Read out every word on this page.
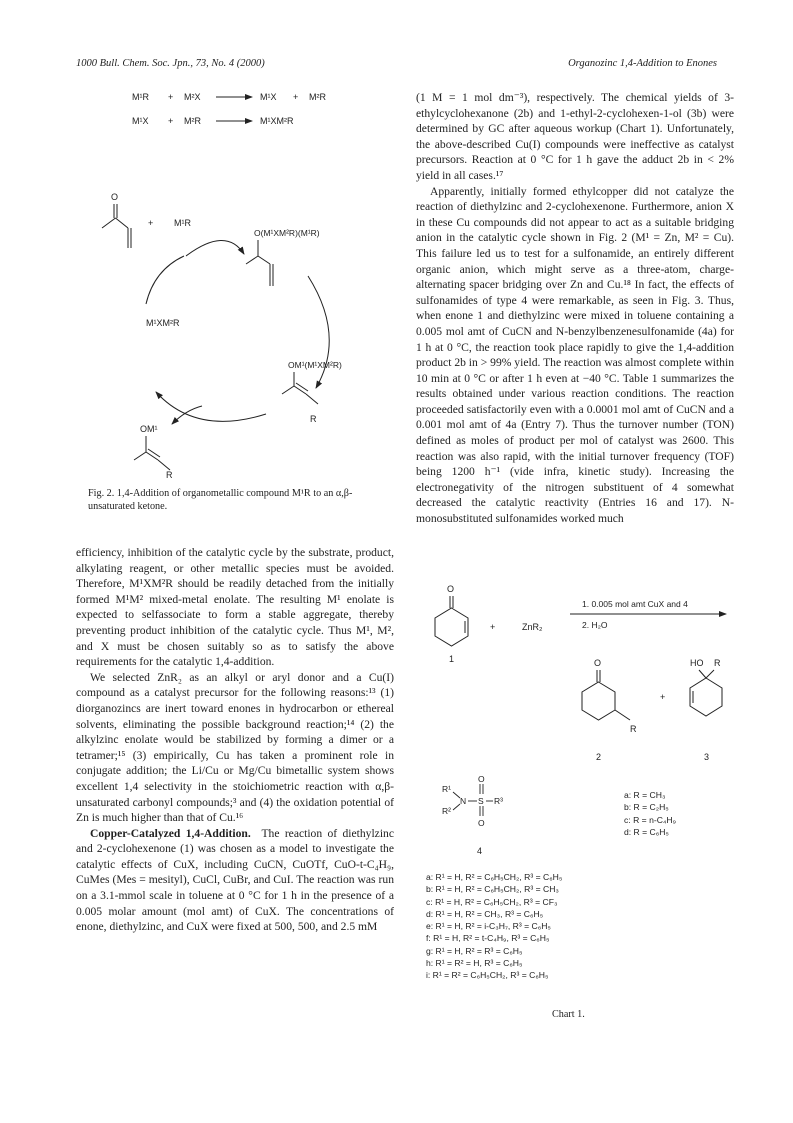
1000 Bull. Chem. Soc. Jpn., 73, No. 4 (2000)	Organozinc 1,4-Addition to Enones
M¹R + M²X	M¹X + M²R
M¹X + M²R	M¹XM²R
O
+ M¹R
O(M¹XM²R)(M¹R)
M¹XM²R
OM¹(M¹XM²R)
R
OM¹
R
Fig. 2. 1,4-Addition of organometallic compound M¹R to an α,β-unsaturated ketone.

efficiency, inhibition of the catalytic cycle by the substrate, product, alkylating reagent, or other metallic species must be avoided. Therefore, M¹XM²R should be readily detached from the initially formed M¹M² mixed-metal enolate. The resulting M¹ enolate is expected to selfassociate to form a stable aggregate, thereby preventing product inhibition of the catalytic cycle. Thus M¹, M², and X must be chosen suitably so as to satisfy the above requirements for the catalytic 1,4-addition.

We selected ZnR₂ as an alkyl or aryl donor and a Cu(I) compound as a catalyst precursor for the following reasons:¹³ (1) diorganozincs are inert toward enones in hydrocarbon or ethereal solvents, eliminating the possible background reaction;¹⁴ (2) the alkylzinc enolate would be stabilized by forming a dimer or a tetramer;¹⁵ (3) empirically, Cu has taken a prominent role in conjugate addition; the Li/Cu or Mg/Cu bimetallic system shows excellent 1,4 selectivity in the stoichiometric reaction with α,β-unsaturated carbonyl compounds;³ and (4) the oxidation potential of Zn is much higher than that of Cu.¹⁶

Copper-Catalyzed 1,4-Addition. The reaction of diethylzinc and 2-cyclohexenone (1) was chosen as a model to investigate the catalytic effects of CuX, including CuCN, CuOTf, CuO-t-C₄H₉, CuMes (Mes = mesityl), CuCl, CuBr, and CuI. The reaction was run on a 3.1-mmol scale in toluene at 0 °C for 1 h in the presence of a 0.005 molar amount (mol amt) of CuX. The concentrations of enone, diethylzinc, and CuX were fixed at 500, 500, and 2.5 mM

(1 M = 1 mol dm⁻³), respectively. The chemical yields of 3-ethylcyclohexanone (2b) and 1-ethyl-2-cyclohexen-1-ol (3b) were determined by GC after aqueous workup (Chart 1). Unfortunately, the above-described Cu(I) compounds were ineffective as catalyst precursors. Reaction at 0 °C for 1 h gave the adduct 2b in < 2% yield in all cases.¹⁷

Apparently, initially formed ethylcopper did not catalyze the reaction of diethylzinc and 2-cyclohexenone. Furthermore, anion X in these Cu compounds did not appear to act as a suitable bridging anion in the catalytic cycle shown in Fig. 2 (M¹ = Zn, M² = Cu). This failure led us to test for a sulfonamide, an entirely different organic anion, which might serve as a three-atom, charge-alternating spacer bridging over Zn and Cu.¹⁸ In fact, the effects of sulfonamides of type 4 were remarkable, as seen in Fig. 3. Thus, when enone 1 and diethylzinc were mixed in toluene containing a 0.005 mol amt of CuCN and N-benzylbenzenesulfonamide (4a) for 1 h at 0 °C, the reaction took place rapidly to give the 1,4-addition product 2b in > 99% yield. The reaction was almost complete within 10 min at 0 °C or after 1 h even at −40 °C. Table 1 summarizes the results obtained under various reaction conditions. The reaction proceeded satisfactorily even with a 0.0001 mol amt of CuCN and a 0.001 mol amt of 4a (Entry 7). Thus the turnover number (TON) defined as moles of product per mol of catalyst was 2600. This reaction was also rapid, with the initial turnover frequency (TOF) being 1200 h⁻¹ (vide infra, kinetic study). Increasing the electronegativity of the nitrogen substituent of 4 somewhat decreased the catalytic reactivity (Entries 16 and 17). N-monosubstituted sulfonamides worked much

O
1
+	ZnR₂
1. 0.005 mol amt CuX and 4
2. H₂O
O
R
2
+
HO R
3
R¹
R²
N S R³
O
O
4
a: R = CH₃
b: R = C₂H₅
c: R = n-C₄H₉
d: R = C₆H₅
a: R¹ = H, R² = C₆H₅CH₂, R³ = C₆H₅
b: R¹ = H, R² = C₆H₅CH₂, R³ = CH₃
c: R¹ = H, R² = C₆H₅CH₂, R³ = CF₃
d: R¹ = H, R² = CH₃, R³ = C₆H₅
e: R¹ = H, R² = i-C₃H₇, R³ = C₆H₅
f: R¹ = H, R² = t-C₄H₉, R³ = C₆H₅
g: R¹ = H, R² = R³ = C₆H₅
h: R¹ = R² = H, R³ = C₆H₅
i: R¹ = R² = C₆H₅CH₂, R³ = C₆H₅
Chart 1.
